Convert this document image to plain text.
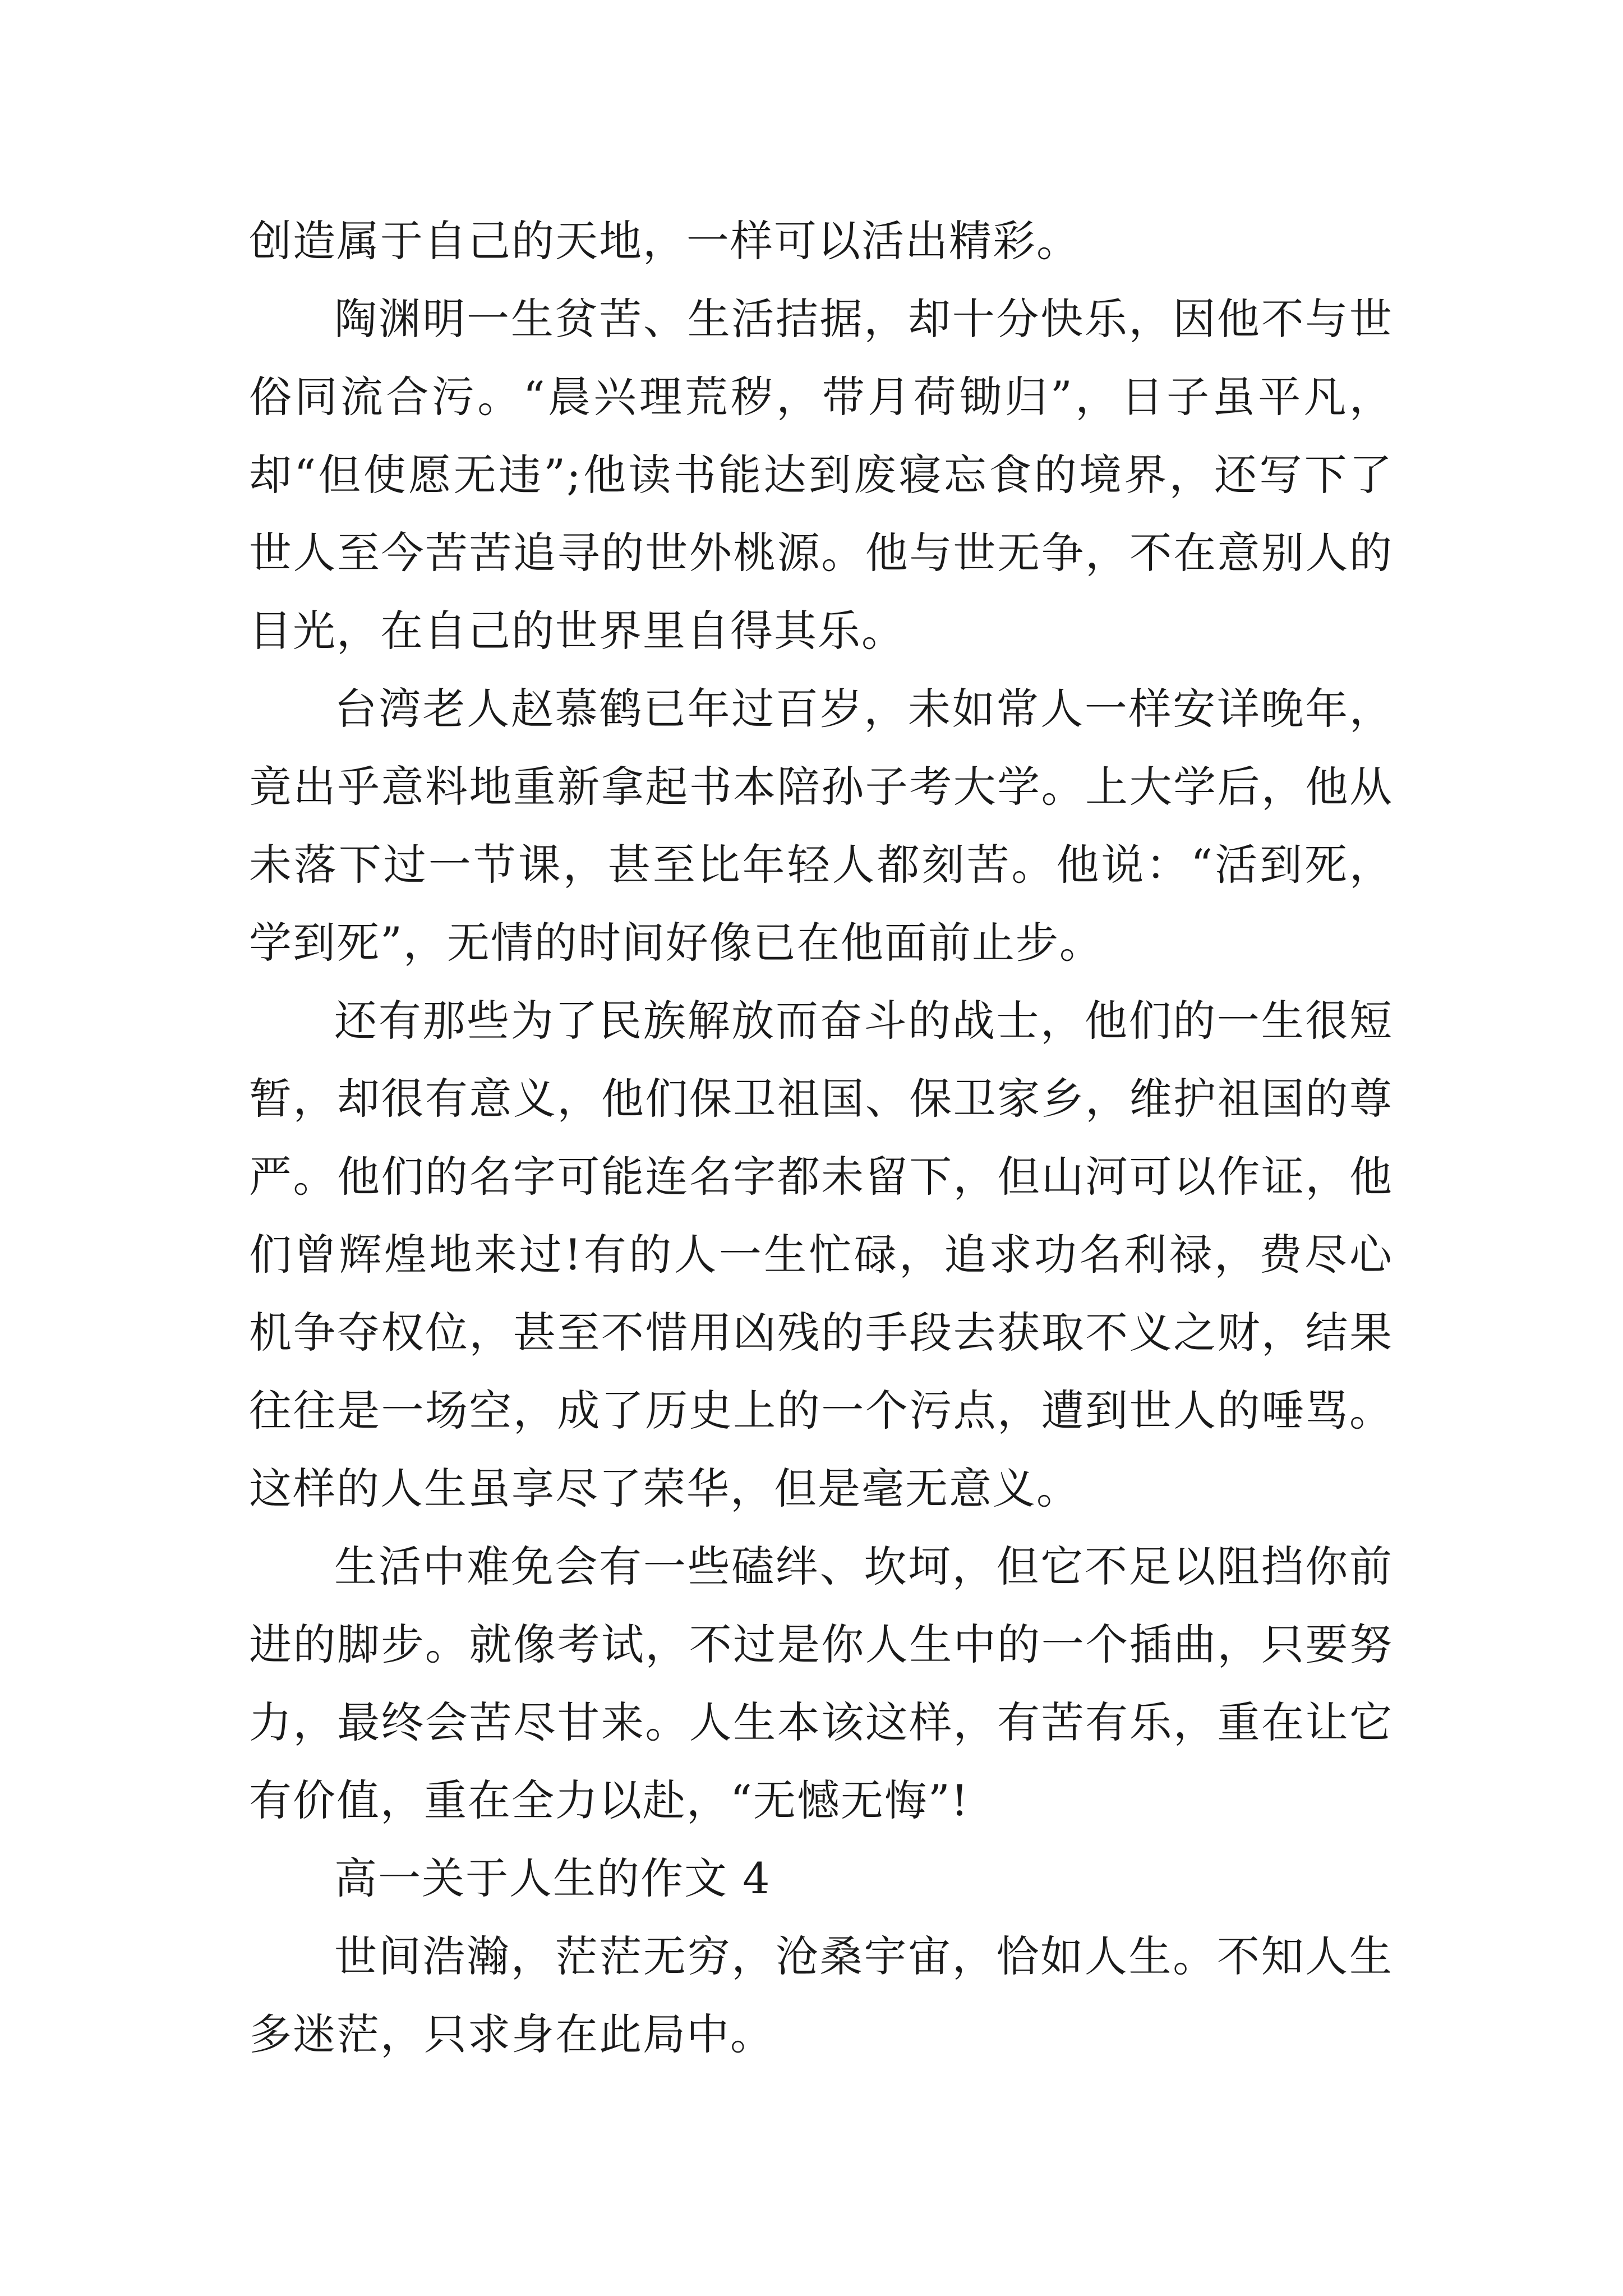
创造属于自己的天地，一样可以活出精彩。

陶渊明一生贫苦、生活拮据，却十分快乐，因他不与世俗同流合污。“晨兴理荒秽，带月荷锄归”，日子虽平凡，却“但使愿无违”;他读书能达到废寝忘食的境界，还写下了世人至今苦苦追寻的世外桃源。他与世无争，不在意别人的目光，在自己的世界里自得其乐。

台湾老人赵慕鹤已年过百岁，未如常人一样安详晚年，竟出乎意料地重新拿起书本陪孙子考大学。上大学后，他从未落下过一节课，甚至比年轻人都刻苦。他说：“活到死，学到死”，无情的时间好像已在他面前止步。

还有那些为了民族解放而奋斗的战士，他们的一生很短暂，却很有意义，他们保卫祖国、保卫家乡，维护祖国的尊严。他们的名字可能连名字都未留下，但山河可以作证，他们曾辉煌地来过!有的人一生忙碌，追求功名利禄，费尽心机争夺权位，甚至不惜用凶残的手段去获取不义之财，结果往往是一场空，成了历史上的一个污点，遭到世人的唾骂。这样的人生虽享尽了荣华，但是毫无意义。

生活中难免会有一些磕绊、坎坷，但它不足以阻挡你前进的脚步。就像考试，不过是你人生中的一个插曲，只要努力，最终会苦尽甘来。人生本该这样，有苦有乐，重在让它有价值，重在全力以赴，“无憾无悔”!

高一关于人生的作文 4

世间浩瀚，茫茫无穷，沧桑宇宙，恰如人生。不知人生多迷茫，只求身在此局中。
